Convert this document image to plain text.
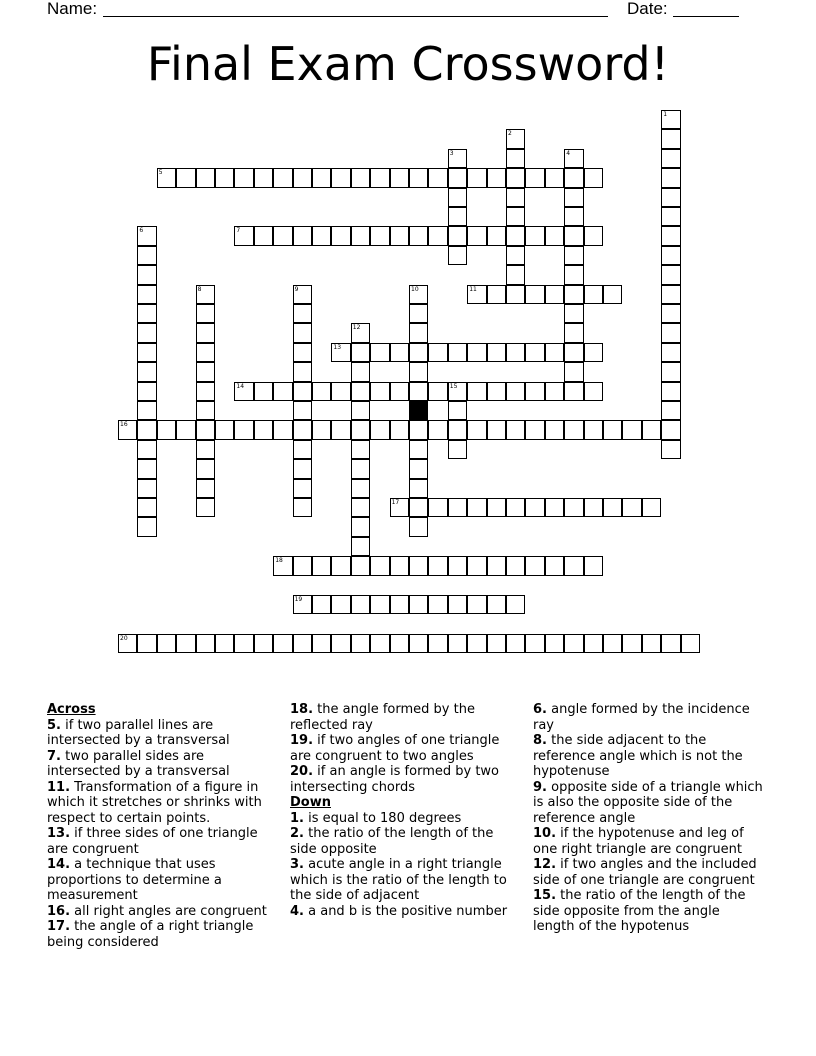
Name:	Date:
Final Exam Crossword!
1
2
3	4
5
6	7
8	9	10	11
12
13
14	15
16
17
18
19
20
Across
5. if two parallel lines are intersected by a transversal
7. two parallel sides are intersected by a transversal
11. Transformation of a figure in which it stretches or shrinks with respect to certain points.
13. if three sides of one triangle are congruent
14. a technique that uses proportions to determine a measurement
16. all right angles are congruent
17. the angle of a right triangle being considered
18. the angle formed by the reflected ray
19. if two angles of one triangle are congruent to two angles
20. if an angle is formed by two intersecting chords
Down
1. is equal to 180 degrees
2. the ratio of the length of the side opposite
3. acute angle in a right triangle which is the ratio of the length to the side of adjacent
4. a and b is the positive number
6. angle formed by the incidence ray
8. the side adjacent to the reference angle which is not the hypotenuse
9. opposite side of a triangle which is also the opposite side of the reference angle
10. if the hypotenuse and leg of one right triangle are congruent
12. if two angles and the included side of one triangle are congruent
15. the ratio of the length of the side opposite from the angle length of the hypotenus
